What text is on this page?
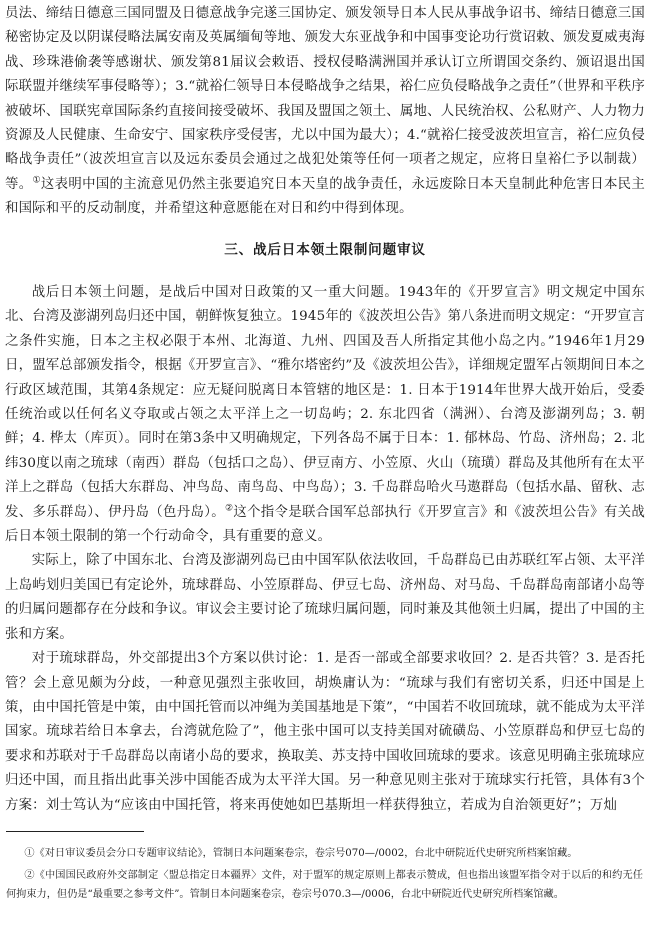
员法、缔结日德意三国同盟及日德意战争完遂三国协定、颁发领导日本人民从事战争诏书、缔结日德意三国秘密协定及以阴谋侵略法属安南及英属缅甸等地、颁发大东亚战争和中国事变论功行赏诏敕、颁发夏威夷海战、珍珠港偷袭等感谢状、颁发第81届议会敕语、授权侵略满洲国并承认订立所谓国交条约、颁诏退出国际联盟并继续军事侵略等）；3.“就裕仁领导日本侵略战争之结果，裕仁应负侵略战争之责任”（世界和平秩序被破坏、国联宪章国际条约直接间接受破坏、我国及盟国之领土、属地、人民统治权、公私财产、人力物力资源及人民健康、生命安宁、国家秩序受侵害，尤以中国为最大）；4.“就裕仁接受波茨坦宣言，裕仁应负侵略战争责任”（波茨坦宣言以及远东委员会通过之战犯处策等任何一项者之规定，应将日皇裕仁予以制裁）等。①这表明中国的主流意见仍然主张要追究日本天皇的战争责任，永远废除日本天皇制此种危害日本民主和国际和平的反动制度，并希望这种意愿能在对日和约中得到体现。

三、战后日本领土限制问题审议

战后日本领土问题，是战后中国对日政策的又一重大问题。1943年的《开罗宣言》明文规定中国东北、台湾及澎湖列岛归还中国，朝鲜恢复独立。1945年的《波茨坦公告》第八条进而明文规定：“开罗宣言之条件实施，日本之主权必限于本州、北海道、九州、四国及吾人所指定其他小岛之内。”1946年1月29日，盟军总部颁发指令，根据《开罗宣言》、“雅尔塔密约”及《波茨坦公告》，详细规定盟军占领期间日本之行政区域范围，其第4条规定：应无疑问脱离日本管辖的地区是：1. 日本于1914年世界大战开始后，受委任统治或以任何名义夺取或占领之太平洋上之一切岛屿；2. 东北四省（满洲）、台湾及澎湖列岛；3. 朝鲜；4. 桦太（库页）。同时在第3条中又明确规定，下列各岛不属于日本：1. 郁林岛、竹岛、济州岛；2. 北纬30度以南之琉球（南西）群岛（包括口之岛）、伊豆南方、小笠原、火山（琉璜）群岛及其他所有在太平洋上之群岛（包括大东群岛、冲鸟岛、南鸟岛、中鸟岛）；3. 千岛群岛哈火马遨群岛（包括水晶、留秋、志发、多乐群岛）、伊丹岛（色丹岛）。②这个指令是联合国军总部执行《开罗宣言》和《波茨坦公告》有关战后日本领土限制的第一个行动命令，具有重要的意义。

实际上，除了中国东北、台湾及澎湖列岛已由中国军队依法收回，千岛群岛已由苏联红军占领、太平洋上岛屿划归美国已有定论外，琉球群岛、小笠原群岛、伊豆七岛、济州岛、对马岛、千岛群岛南部诸小岛等的归属问题都存在分歧和争议。审议会主要讨论了琉球归属问题，同时兼及其他领土归属，提出了中国的主张和方案。

对于琉球群岛，外交部提出3个方案以供讨论：1. 是否一部或全部要求收回？2. 是否共管？3. 是否托管？会上意见颇为分歧，一种意见强烈主张收回，胡焕庸认为：“琉球与我们有密切关系，归还中国是上策，由中国托管是中策，由中国托管而以冲绳为美国基地是下策”，“中国若不收回琉球，就不能成为太平洋国家。琉球若给日本拿去，台湾就危险了”，他主张中国可以支持美国对硫磺岛、小笠原群岛和伊豆七岛的要求和苏联对于千岛群岛以南诸小岛的要求，换取美、苏支持中国收回琉球的要求。该意见明确主张琉球应归还中国，而且指出此事关涉中国能否成为太平洋大国。另一种意见则主张对于琉球实行托管，具体有3个方案：刘士笃认为“应该由中国托管，将来再使她如巴基斯坦一样获得独立，若成为自治领更好”；万灿

①《对日审议委员会分口专题审议结论》，管制日本问题案卷宗，卷宗号070—/0002，台北中研院近代史研究所档案馆藏。

②《中国国民政府外交部制定〈盟总指定日本疆界〉文件，对于盟军的规定原则上都表示赞成，但也指出该盟军指令对于以后的和约无任何拘束力，但仍是“最重要之参考文件”。管制日本问题案卷宗，卷宗号070.3—/0006，台北中研院近代史研究所档案馆藏。
